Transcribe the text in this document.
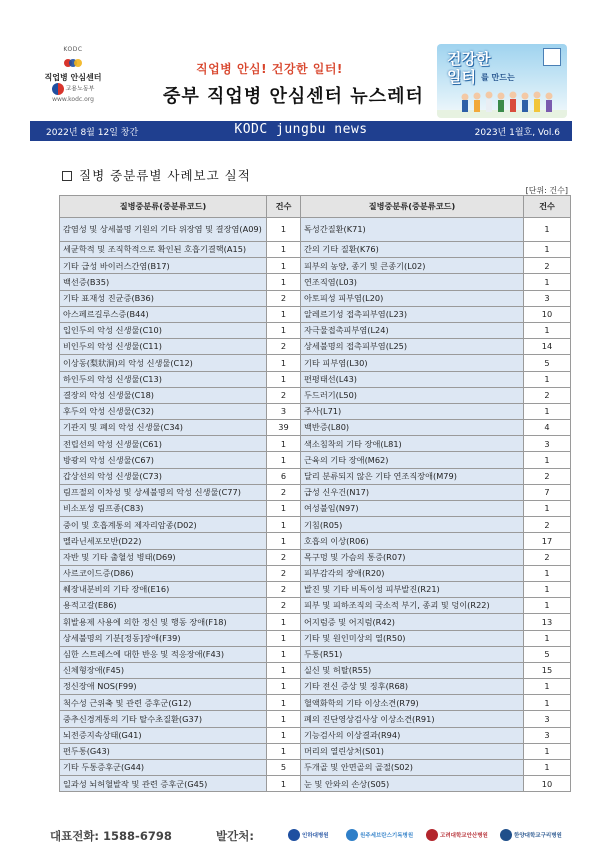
KODC
직업병 안심센터
고용노동부
www.kodc.org
직업병 안심! 건강한 일터!
중부 직업병 안심센터 뉴스레터
건강한
일터 를 만드는
2022년 8월 12일 창간	KODC jungbu news	2023년 1월호, Vol.6
질병 중분류별 사례보고 실적
[단위: 건수]
질병중분류(중분류코드)	건수	질병중분류(중분류코드)	건수
감염성 및 상세불명 기원의 기타 위장염 및 결장염(A09)	1	독성간질환(K71)	1
세균학적 및 조직학적으로 확인된 호흡기결핵(A15)	1	간의 기타 질환(K76)	1
기타 급성 바이러스간염(B17)	1	피부의 농양, 종기 및 큰종기(L02)	2
백선증(B35)	1	연조직염(L03)	1
기타 표재성 진균증(B36)	2	아토피성 피부염(L20)	3
아스페르길루스증(B44)	1	알레르기성 접촉피부염(L23)	10
입인두의 악성 신생물(C10)	1	자극물접촉피부염(L24)	1
비인두의 악성 신생물(C11)	2	상세불명의 접촉피부염(L25)	14
이상동(梨狀洞)의 악성 신생물(C12)	1	기타 피부염(L30)	5
하인두의 악성 신생물(C13)	1	편평태선(L43)	1
결장의 악성 신생물(C18)	2	두드러기(L50)	2
후두의 악성 신생물(C32)	3	주사(L71)	1
기관지 및 폐의 악성 신생물(C34)	39	백반증(L80)	4
전립선의 악성 신생물(C61)	1	색소침착의 기타 장애(L81)	3
방광의 악성 신생물(C67)	1	근육의 기타 장애(M62)	1
갑상선의 악성 신생물(C73)	6	달리 분류되지 않은 기타 연조직장애(M79)	2
림프절의 이차성 및 상세불명의 악성 신생물(C77)	2	급성 신우건(N17)	7
비소포성 림프종(C83)	1	여성불임(N97)	1
중이 및 호흡계통의 제자리암종(D02)	1	기침(R05)	2
멜라닌세포모반(D22)	1	호흡의 이상(R06)	17
자반 및 기타 출혈성 병태(D69)	2	목구멍 및 가슴의 통증(R07)	2
사르코이드증(D86)	2	피부감각의 장애(R20)	1
췌장내분비의 기타 장애(E16)	2	발진 및 기타 비특이성 피부발진(R21)	1
용적고갈(E86)	2	피부 및 피하조직의 국소적 부기, 종괴 및 덩이(R22)	1
휘발용제 사용에 의한 정신 및 행동 장애(F18)	1	어지럼증 및 어지럼(R42)	13
상세불명의 기분[정동]장애(F39)	1	기타 및 원인미상의 열(R50)	1
심한 스트레스에 대한 반응 및 적응장애(F43)	1	두통(R51)	5
신체형장애(F45)	1	실신 및 허탈(R55)	15
정신장애 NOS(F99)	1	기타 전신 증상 및 징후(R68)	1
척수성 근위축 및 관련 증후군(G12)	1	혈액화학의 기타 이상소견(R79)	1
중추신경계통의 기타 탈수초질환(G37)	1	폐의 진단영상검사상 이상소견(R91)	3
뇌전증지속상태(G41)	1	기능검사의 이상결과(R94)	3
편두통(G43)	1	머리의 열린상처(S01)	1
기타 두통증후군(G44)	5	두개골 및 안면골의 골절(S02)	1
일과성 뇌허혈발작 및 관련 증후군(G45)	1	눈 및 안와의 손상(S05)	10
대표전화: 1588-6798	발간처:	인하대병원	원주세브란스기독병원	고려대학교안산병원	한양대학교구리병원
